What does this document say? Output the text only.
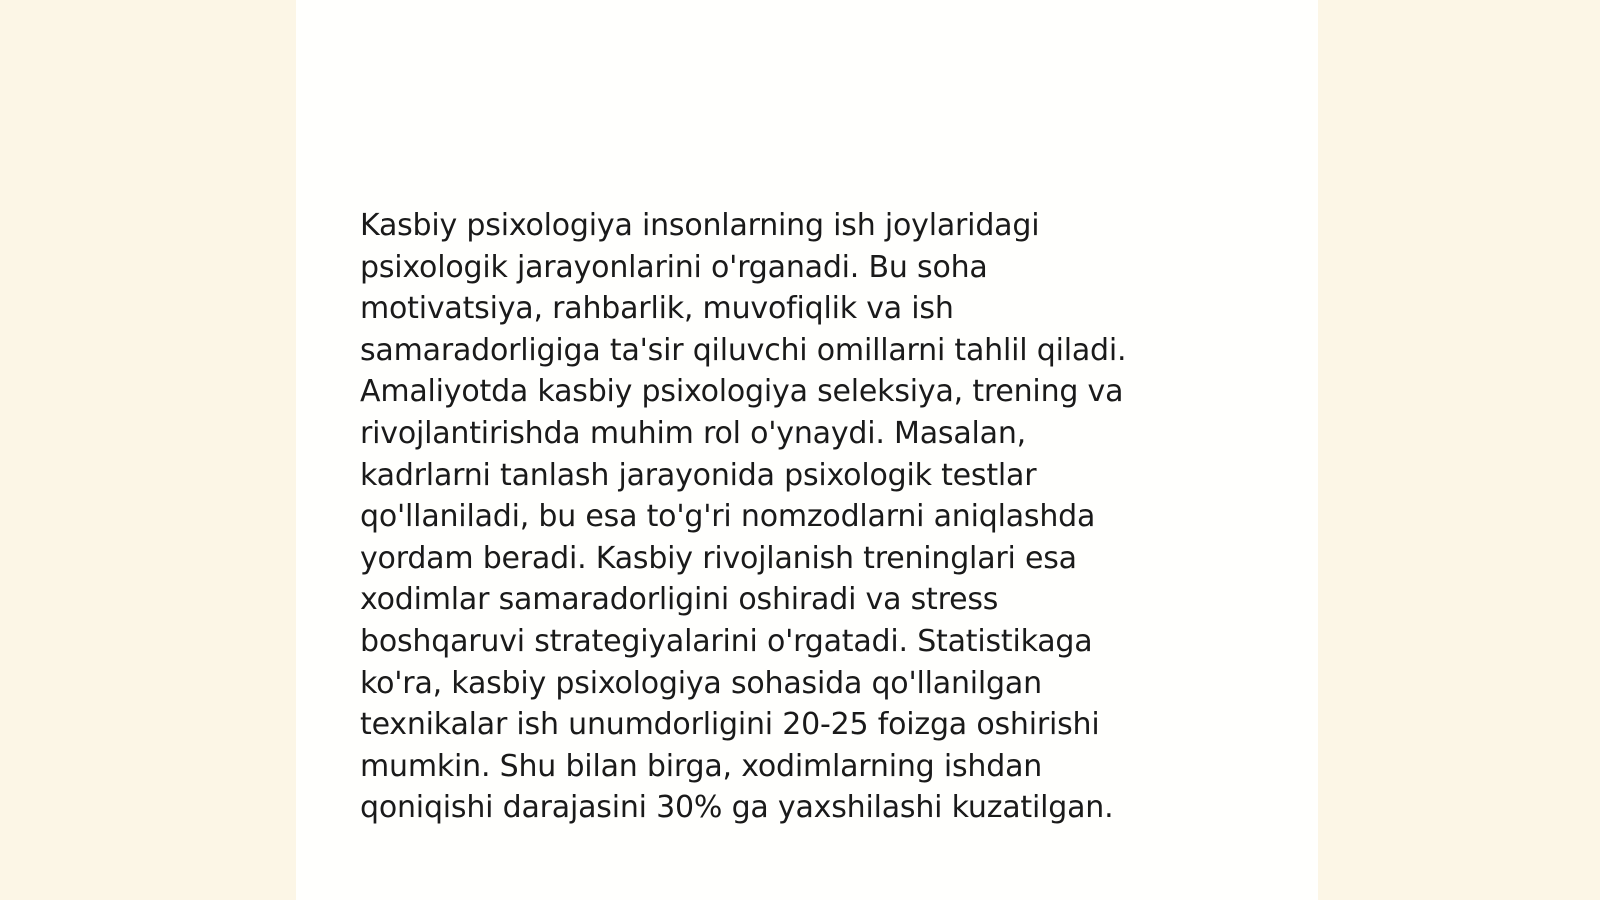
Kasbiy psixologiya insonlarning ish joylaridagi
psixologik jarayonlarini o'rganadi. Bu soha
motivatsiya, rahbarlik, muvofiqlik va ish
samaradorligiga ta'sir qiluvchi omillarni tahlil qiladi.
Amaliyotda kasbiy psixologiya seleksiya, trening va
rivojlantirishda muhim rol o'ynaydi. Masalan,
kadrlarni tanlash jarayonida psixologik testlar
qo'llaniladi, bu esa to'g'ri nomzodlarni aniqlashda
yordam beradi. Kasbiy rivojlanish treninglari esa
xodimlar samaradorligini oshiradi va stress
boshqaruvi strategiyalarini o'rgatadi. Statistikaga
ko'ra, kasbiy psixologiya sohasida qo'llanilgan
texnikalar ish unumdorligini 20-25 foizga oshirishi
mumkin. Shu bilan birga, xodimlarning ishdan
qoniqishi darajasini 30% ga yaxshilashi kuzatilgan.
